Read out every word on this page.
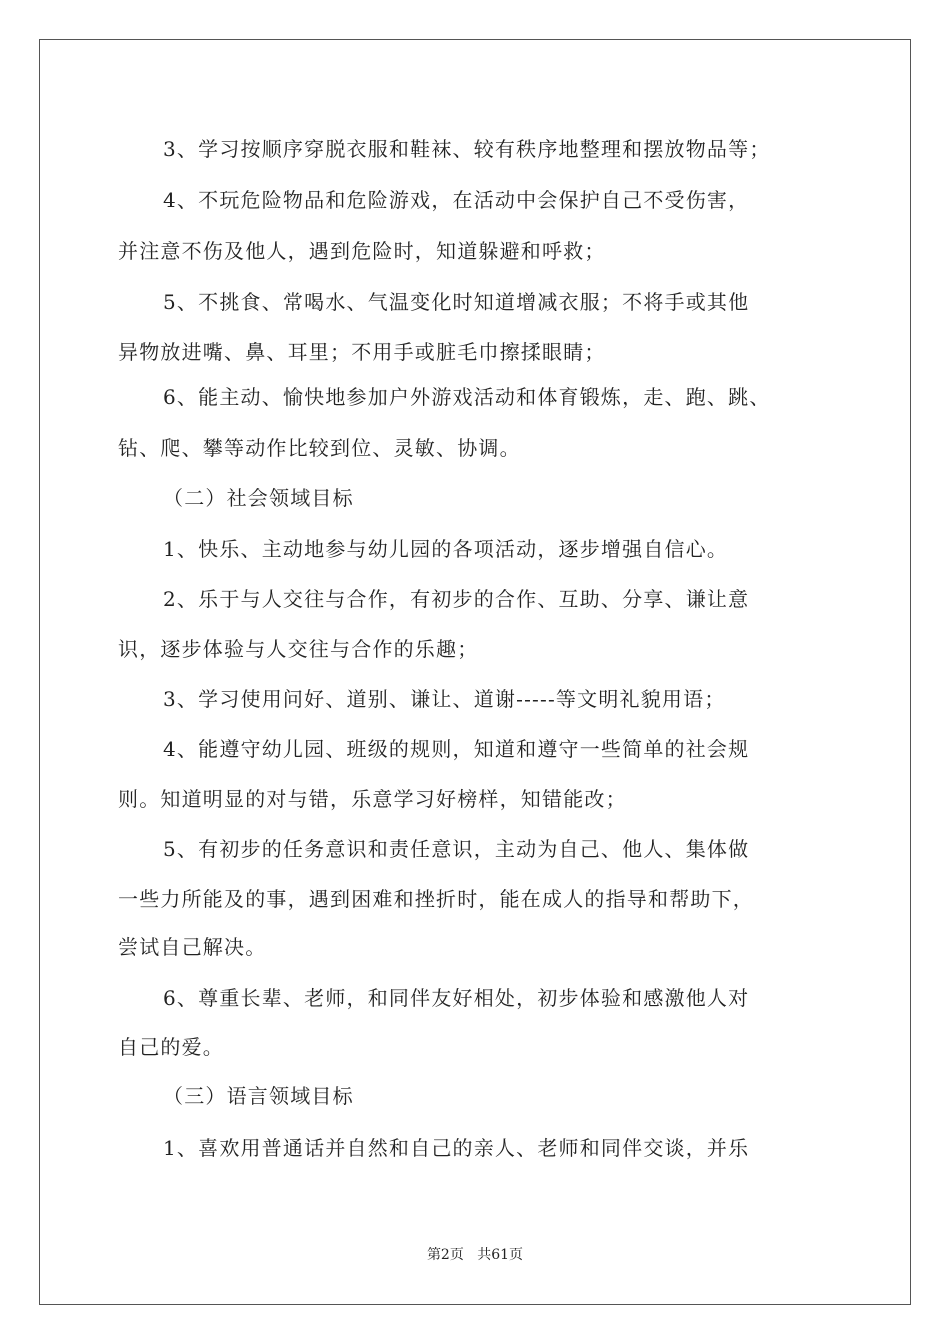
3、学习按顺序穿脱衣服和鞋袜、较有秩序地整理和摆放物品等；

4、不玩危险物品和危险游戏，在活动中会保护自己不受伤害，

并注意不伤及他人，遇到危险时，知道躲避和呼救；

5、不挑食、常喝水、气温变化时知道增减衣服；不将手或其他

异物放进嘴、鼻、耳里；不用手或脏毛巾擦揉眼睛；

6、能主动、愉快地参加户外游戏活动和体育锻炼，走、跑、跳、

钻、爬、攀等动作比较到位、灵敏、协调。

（二）社会领域目标

1、快乐、主动地参与幼儿园的各项活动，逐步增强自信心。

2、乐于与人交往与合作，有初步的合作、互助、分享、谦让意

识，逐步体验与人交往与合作的乐趣；

3、学习使用问好、道别、谦让、道谢-----等文明礼貌用语；

4、能遵守幼儿园、班级的规则，知道和遵守一些简单的社会规

则。知道明显的对与错，乐意学习好榜样，知错能改；

5、有初步的任务意识和责任意识，主动为自己、他人、集体做

一些力所能及的事，遇到困难和挫折时，能在成人的指导和帮助下，

尝试自己解决。

6、尊重长辈、老师，和同伴友好相处，初步体验和感激他人对

自己的爱。

（三）语言领域目标

1、喜欢用普通话并自然和自己的亲人、老师和同伴交谈，并乐

第2页 共61页
